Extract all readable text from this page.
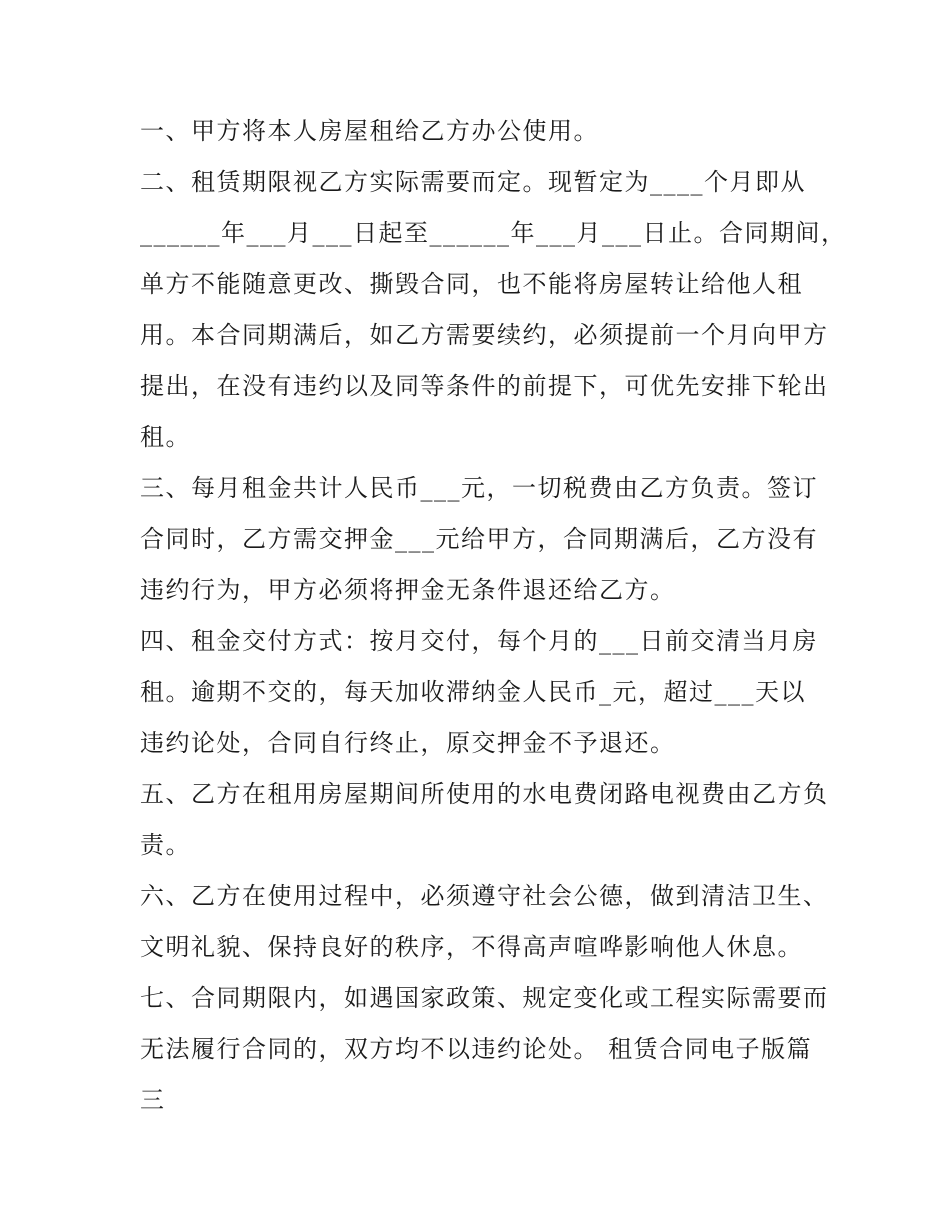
一、甲方将本人房屋租给乙方办公使用。
二、租赁期限视乙方实际需要而定。现暂定为____个月即从
______年___月___日起至______年___月___日止。合同期间，
单方不能随意更改、撕毁合同，也不能将房屋转让给他人租
用。本合同期满后，如乙方需要续约，必须提前一个月向甲方
提出，在没有违约以及同等条件的前提下，可优先安排下轮出
租。
三、每月租金共计人民币___元，一切税费由乙方负责。签订
合同时，乙方需交押金___元给甲方，合同期满后，乙方没有
违约行为，甲方必须将押金无条件退还给乙方。
四、租金交付方式：按月交付，每个月的___日前交清当月房
租。逾期不交的，每天加收滞纳金人民币_元，超过___天以
违约论处，合同自行终止，原交押金不予退还。
五、乙方在租用房屋期间所使用的水电费闭路电视费由乙方负
责。
六、乙方在使用过程中，必须遵守社会公德，做到清洁卫生、
文明礼貌、保持良好的秩序，不得高声喧哗影响他人休息。
七、合同期限内，如遇国家政策、规定变化或工程实际需要而
无法履行合同的，双方均不以违约论处。 租赁合同电子版篇
三
